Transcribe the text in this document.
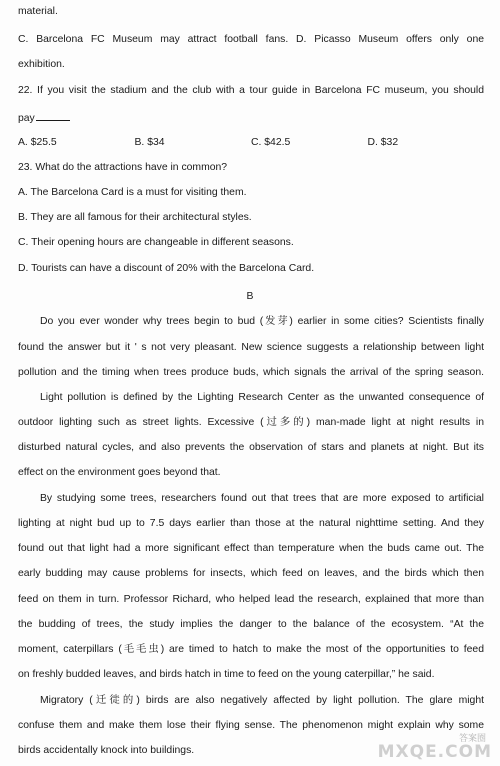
material.
C. Barcelona FC Museum may attract football fans. D. Picasso Museum offers only one
exhibition.
22. If you visit the stadium and the club with a tour guide in Barcelona FC museum, you should
pay
A. $25.5	B. $34	C. $42.5	D. $32
23. What do the attractions have in common?
A. The Barcelona Card is a must for visiting them.
B. They are all famous for their architectural styles.
C. Their opening hours are changeable in different seasons.
D. Tourists can have a discount of 20% with the Barcelona Card.
B
Do you ever wonder why trees begin to bud (发芽) earlier in some cities? Scientists finally
found the answer but it ' s not very pleasant. New science suggests a relationship between light
pollution and the timing when trees produce buds, which signals the arrival of the spring season.
Light pollution is defined by the Lighting Research Center as the unwanted consequence of
outdoor lighting such as street lights. Excessive (过多的) man-made light at night results in
disturbed natural cycles, and also prevents the observation of stars and planets at night. But its
effect on the environment goes beyond that.
By studying some trees, researchers found out that trees that are more exposed to artificial
lighting at night bud up to 7.5 days earlier than those at the natural nighttime setting. And they
found out that light had a more significant effect than temperature when the buds came out. The
early budding may cause problems for insects, which feed on leaves, and the birds which then
feed on them in turn. Professor Richard, who helped lead the research, explained that more than
the budding of trees, the study implies the danger to the balance of the ecosystem. “At the
moment, caterpillars (毛毛虫) are timed to hatch to make the most of the opportunities to feed
on freshly budded leaves, and birds hatch in time to feed on the young caterpillar,” he said.
Migratory (迁徙的) birds are also negatively affected by light pollution. The glare might
confuse them and make them lose their flying sense. The phenomenon might explain why some
birds accidentally knock into buildings.
答案圈
MXQE.COM
